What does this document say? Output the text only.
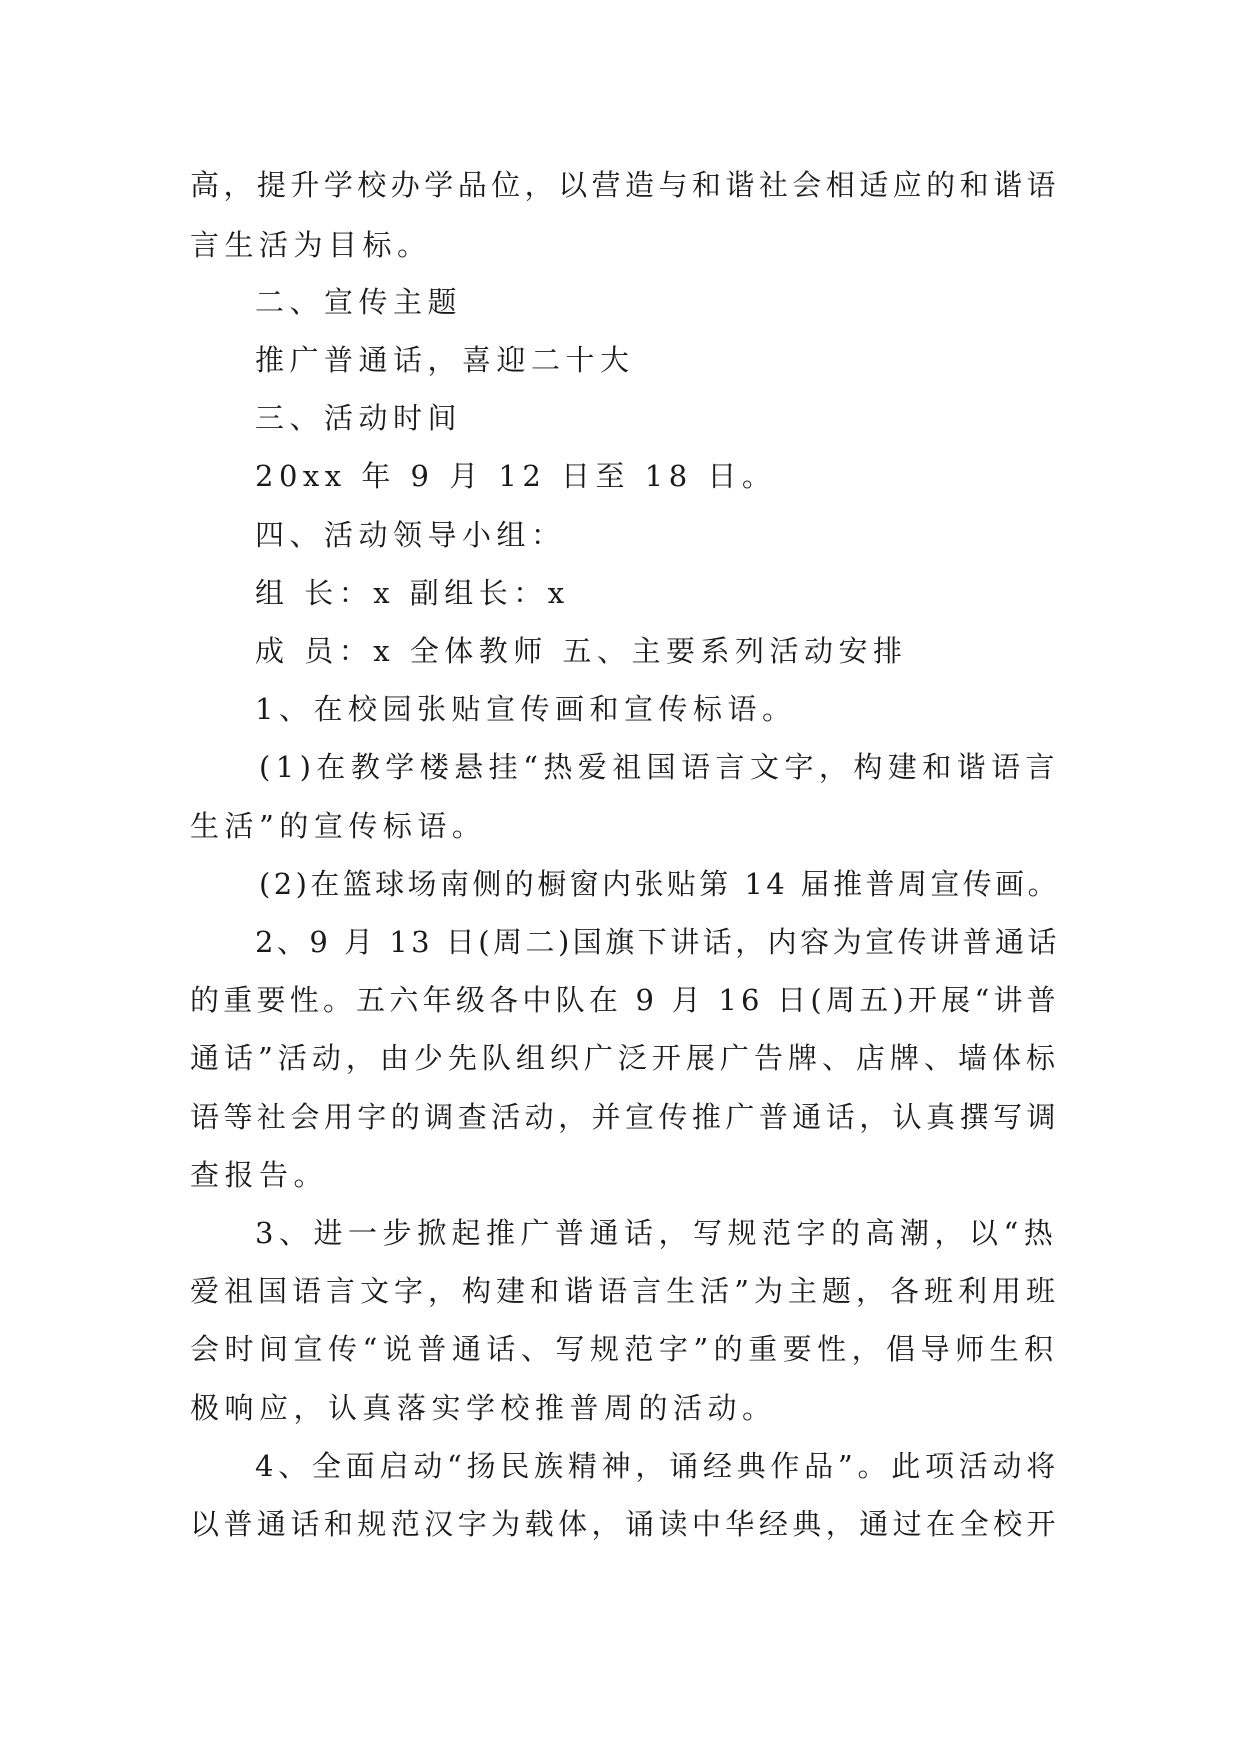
高，提升学校办学品位，以营造与和谐社会相适应的和谐语
言生活为目标。
二、宣传主题
推广普通话，喜迎二十大
三、活动时间
20xx 年 9 月 12 日至 18 日。
四、活动领导小组：
组 长：x 副组长：x
成 员：x 全体教师 五、主要系列活动安排
1、在校园张贴宣传画和宣传标语。
(1)在教学楼悬挂“热爱祖国语言文字，构建和谐语言
生活”的宣传标语。
(2)在篮球场南侧的橱窗内张贴第 14 届推普周宣传画。
2、9 月 13 日(周二)国旗下讲话，内容为宣传讲普通话
的重要性。五六年级各中队在 9 月 16 日(周五)开展“讲普
通话”活动，由少先队组织广泛开展广告牌、店牌、墙体标
语等社会用字的调查活动，并宣传推广普通话，认真撰写调
查报告。
3、进一步掀起推广普通话，写规范字的高潮，以“热
爱祖国语言文字，构建和谐语言生活”为主题，各班利用班
会时间宣传“说普通话、写规范字”的重要性，倡导师生积
极响应，认真落实学校推普周的活动。
4、全面启动“扬民族精神，诵经典作品”。此项活动将
以普通话和规范汉字为载体，诵读中华经典，通过在全校开
